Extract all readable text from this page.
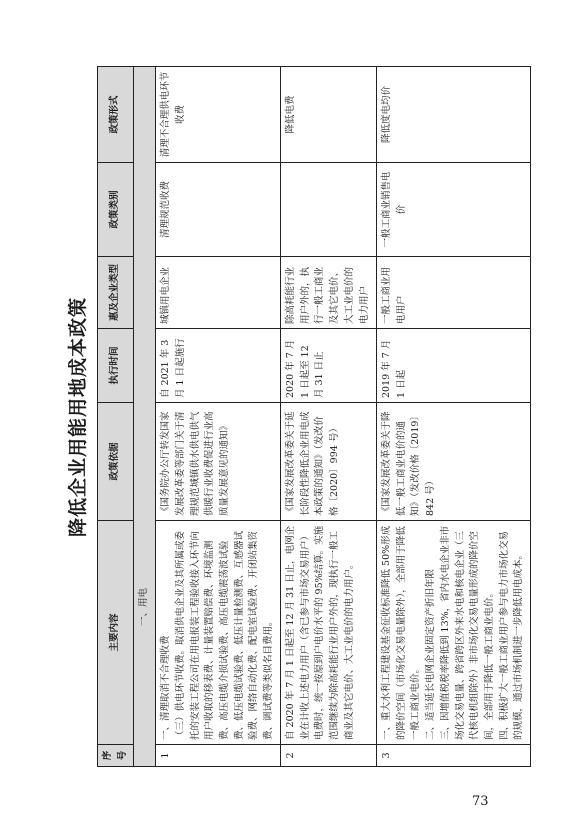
降低企业用能用地成本政策
序号	主要内容	政策依据	执行时间	惠及企业类型	政策类别	政策形式
一、用电						
1	一、清理取消不合理收费 （三）供电环节收费。取消供电企业及其所属或委托的安装工程公司在用电报装工程验收接入环节向用户收取的移表费、计量装置赔偿费、环境监测费、高压电缆介损试验费、高压电缆震荡波试验费、低压电缆试验费、低压计量检测费、互感器试验费、网络自动化费、配电室试验费、开闭站集资费、调试费等类似名目费用。	《国务院办公厅转发国家发展改革委等部门关于清理规范城镇供水供电供气供暖行业收费促进行业高质量发展意见的通知》	自 2021 年 3 月 1 日起施行	城镇用电企业	清理规范收费	清理不合理供电环节收费
2	自 2020 年 7 月 1 日起至 12 月 31 日止，电网企业在计收上述电力用户（含已参与市场交易用户）电费时，统一按原到户电价水平的 95%结算。实施范围继续为除高耗能行业用户外的，现执行一般工商业及其它电价、大工业电价的电力用户。	《国家发展改革委关于延长阶段性降低企业用电成本政策的通知》（发改价格〔2020〕994 号）	2020 年 7 月 1 日起至 12 月 31 日止	除高耗能行业用户外的，执行一般工商业及其它电价、大工业电价的电力用户		降低电费
3	一、重大水利工程建设基金征收标准降低 50%形成的降价空间（市场化交易电量除外），全部用于降低一般工商业电价。 二、适当延长电网企业固定资产折旧年限 三、因增值税税率降低到 13%，省内水电企业非市场化交易电量、跨省跨区外来水电和核电企业（三代核电机组除外）非市场化交易电量形成的降价空间，全部用于降低一般工商业电价。 四、积极扩大一般工商业用户参与电力市场化交易的规模，通过市场机制进一步降低用电成本。	《国家发展改革委关于降低一般工商业电价的通知》（发改价格〔2019〕842 号）	2019 年 7 月 1 日起	一般工商业用电用户	一般工商业销售电价	降低度电均价
73
